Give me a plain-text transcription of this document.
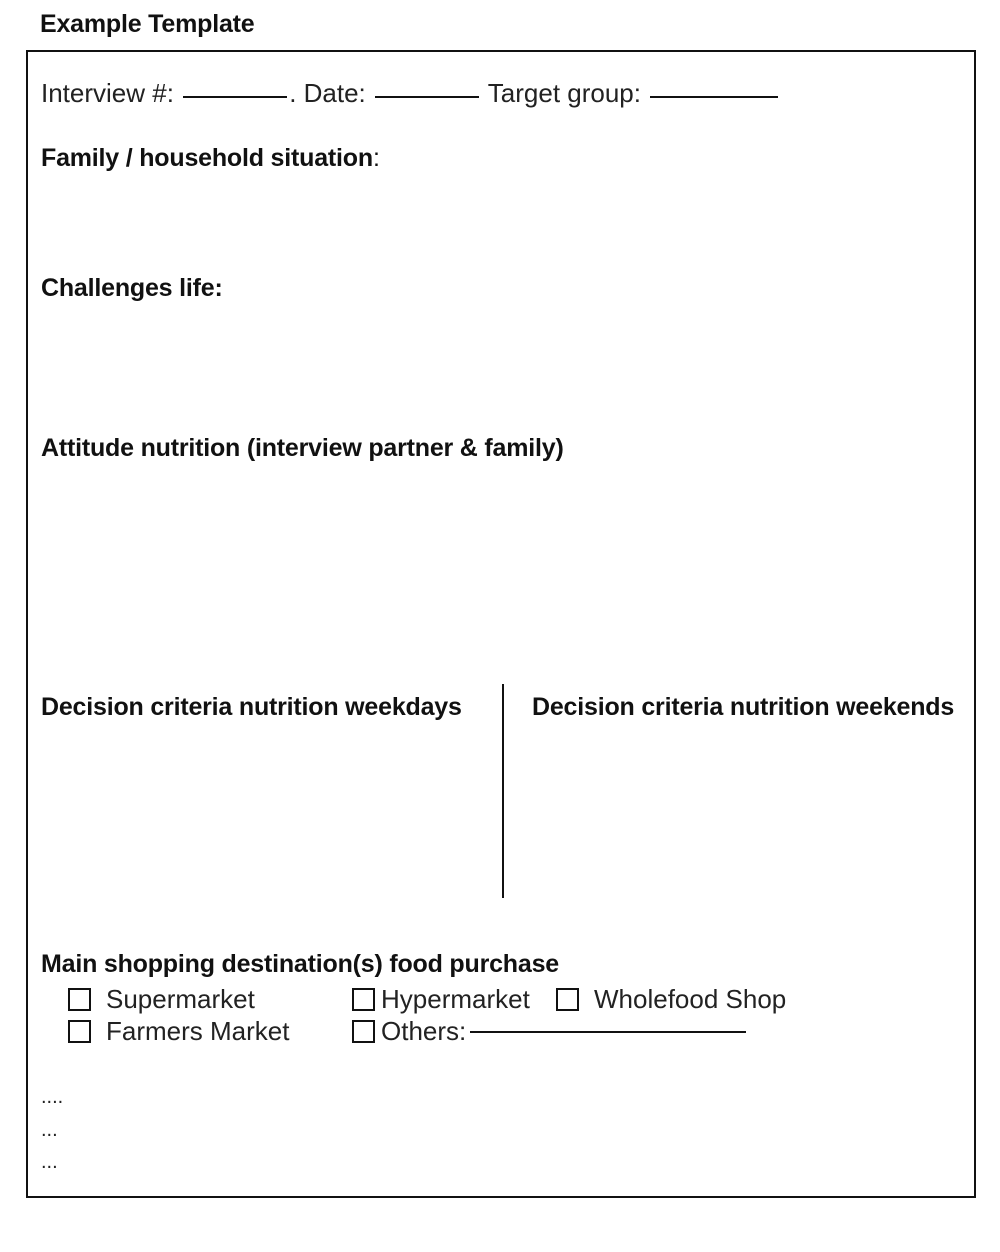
Example Template
Interview #:	. Date:	Target group:
Family / household situation:
Challenges life:
Attitude nutrition (interview partner & family)
Decision criteria nutrition weekdays	Decision criteria nutrition weekends
Main shopping destination(s) food purchase
Supermarket	Hypermarket Wholefood Shop
Farmers Market	Others:
....
...
...
